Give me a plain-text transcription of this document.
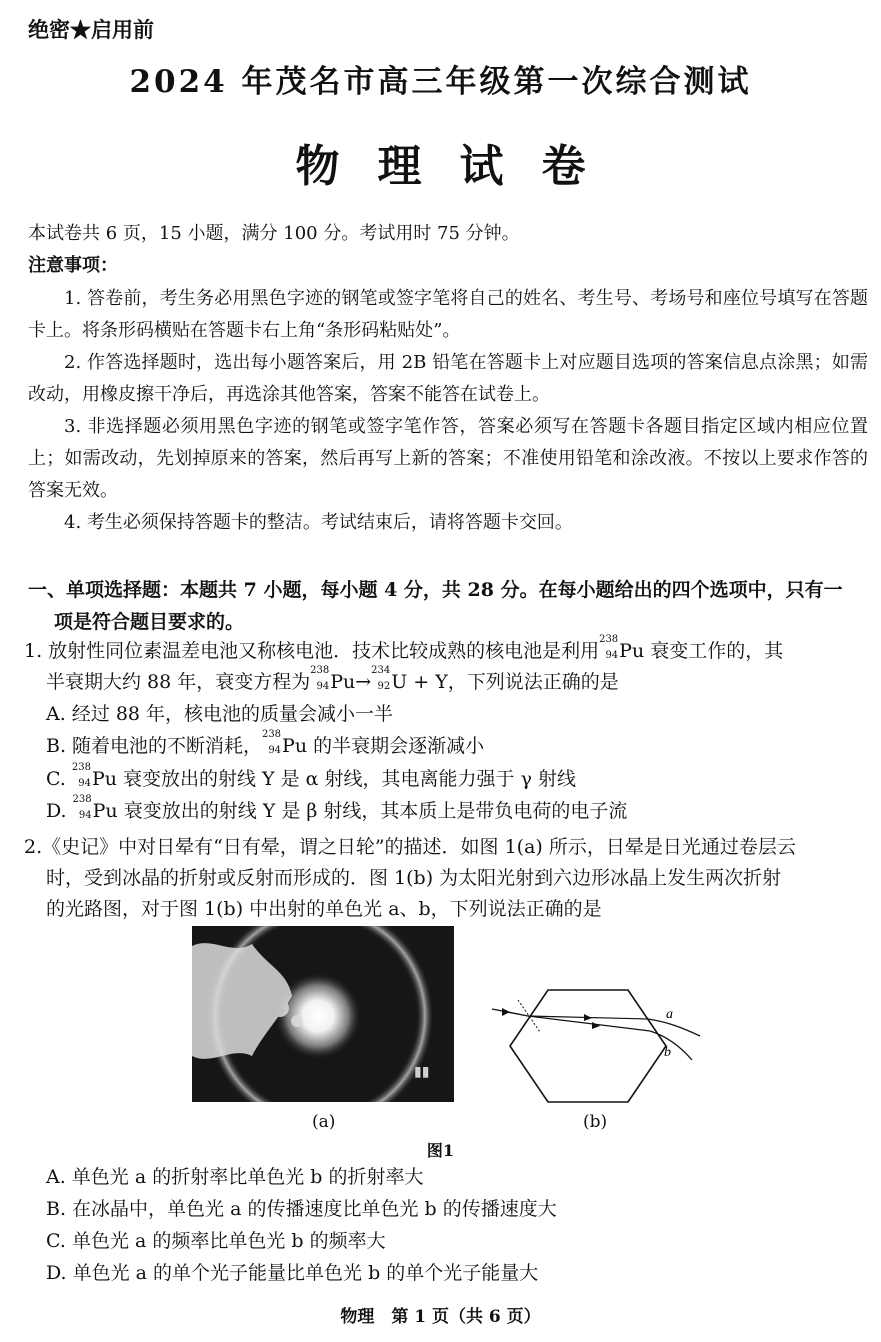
绝密★启用前
2024 年茂名市高三年级第一次综合测试
物理试卷
本试卷共 6 页，15 小题，满分 100 分。考试用时 75 分钟。
注意事项：
1. 答卷前，考生务必用黑色字迹的钢笔或签字笔将自己的姓名、考生号、考场号和座位号填写在答题卡上。将条形码横贴在答题卡右上角“条形码粘贴处”。
2. 作答选择题时，选出每小题答案后，用 2B 铅笔在答题卡上对应题目选项的答案信息点涂黑；如需改动，用橡皮擦干净后，再选涂其他答案，答案不能答在试卷上。
3. 非选择题必须用黑色字迹的钢笔或签字笔作答，答案必须写在答题卡各题目指定区域内相应位置上；如需改动，先划掉原来的答案，然后再写上新的答案；不准使用铅笔和涂改液。不按以上要求作答的答案无效。
4. 考生必须保持答题卡的整洁。考试结束后，请将答题卡交回。
一、单项选择题：本题共 7 小题，每小题 4 分，共 28 分。在每小题给出的四个选项中，只有一
项是符合题目要求的。
1. 放射性同位素温差电池又称核电池．技术比较成熟的核电池是利用
238
94 Pu 衰变工作的，其
半衰期大约 88 年，衰变方程为
238
94 Pu→
234
92 U + Y，下列说法正确的是
A. 经过 88 年，核电池的质量会减小一半
B. 随着电池的不断消耗，
238
94 Pu 的半衰期会逐渐减小
C.
238
94 Pu 衰变放出的射线 Y 是 α 射线，其电离能力强于 γ 射线
D.
238
94 Pu 衰变放出的射线 Y 是 β 射线，其本质上是带负电荷的电子流
2.《史记》中对日晕有“日有晕，谓之日轮”的描述．如图 1(a) 所示，日晕是日光通过卷层云
时，受到冰晶的折射或反射而形成的．图 1(b) 为太阳光射到六边形冰晶上发生两次折射
的光路图，对于图 1(b) 中出射的单色光 a、b，下列说法正确的是
▮▮
(a)
a
b
(b)
图1
A. 单色光 a 的折射率比单色光 b 的折射率大
B. 在冰晶中，单色光 a 的传播速度比单色光 b 的传播速度大
C. 单色光 a 的频率比单色光 b 的频率大
D. 单色光 a 的单个光子能量比单色光 b 的单个光子能量大
物理　第 1 页（共 6 页）
